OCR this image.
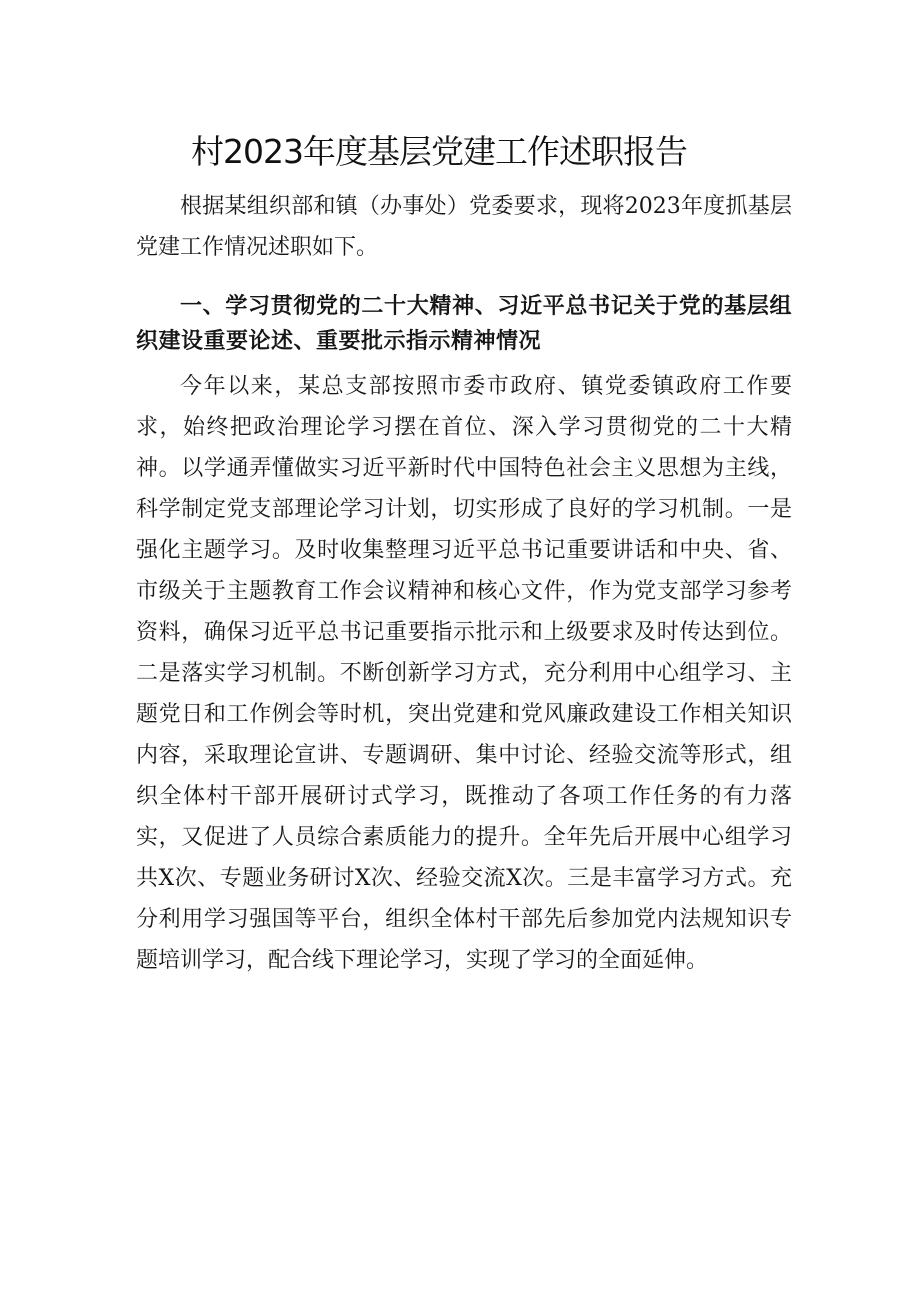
村2023年度基层党建工作述职报告

根据某组织部和镇（办事处）党委要求，现将2023年度抓基层党建工作情况述职如下。

一、学习贯彻党的二十大精神、习近平总书记关于党的基层组织建设重要论述、重要批示指示精神情况

今年以来，某总支部按照市委市政府、镇党委镇政府工作要求，始终把政治理论学习摆在首位、深入学习贯彻党的二十大精神。以学通弄懂做实习近平新时代中国特色社会主义思想为主线，科学制定党支部理论学习计划，切实形成了良好的学习机制。一是强化主题学习。及时收集整理习近平总书记重要讲话和中央、省、市级关于主题教育工作会议精神和核心文件，作为党支部学习参考资料，确保习近平总书记重要指示批示和上级要求及时传达到位。二是落实学习机制。不断创新学习方式，充分利用中心组学习、主题党日和工作例会等时机，突出党建和党风廉政建设工作相关知识内容，采取理论宣讲、专题调研、集中讨论、经验交流等形式，组织全体村干部开展研讨式学习，既推动了各项工作任务的有力落实，又促进了人员综合素质能力的提升。全年先后开展中心组学习共X次、专题业务研讨X次、经验交流X次。三是丰富学习方式。充分利用学习强国等平台，组织全体村干部先后参加党内法规知识专题培训学习，配合线下理论学习，实现了学习的全面延伸。
